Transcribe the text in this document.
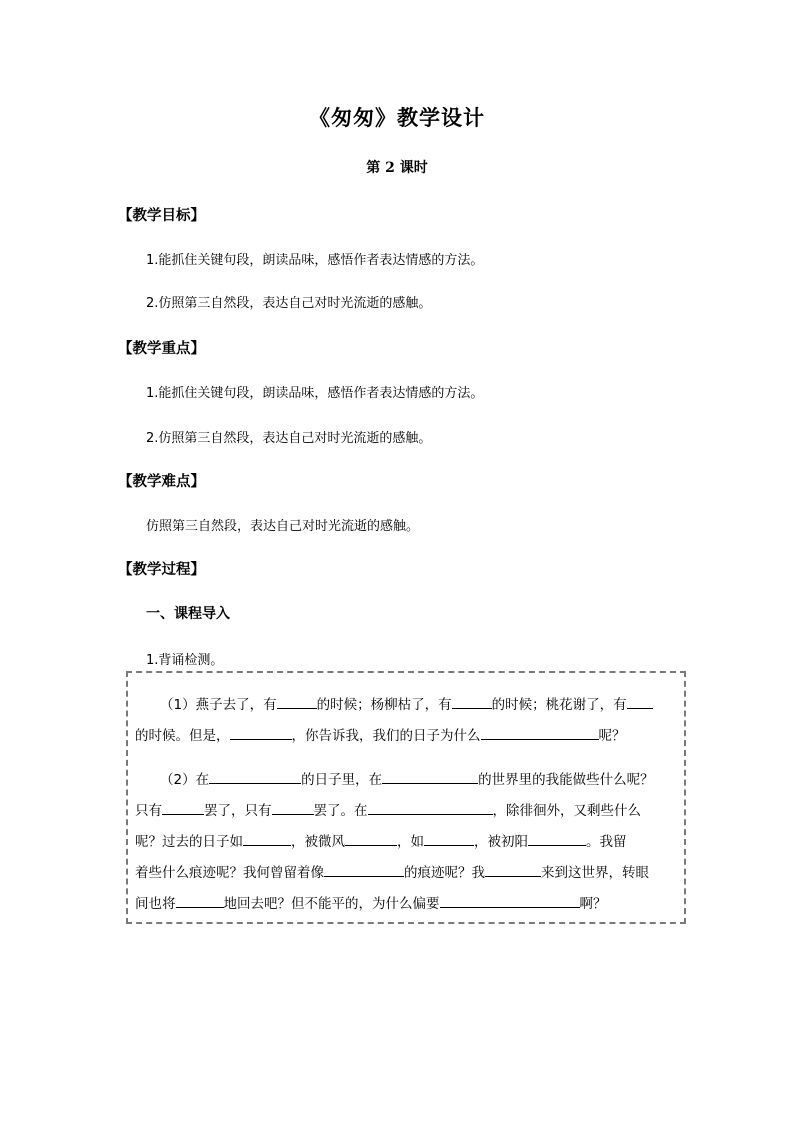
《匆匆》教学设计
第 2 课时
【教学目标】
1.能抓住关键句段，朗读品味，感悟作者表达情感的方法。
2.仿照第三自然段，表达自己对时光流逝的感触。
【教学重点】
1.能抓住关键句段，朗读品味，感悟作者表达情感的方法。
2.仿照第三自然段，表达自己对时光流逝的感触。
【教学难点】
仿照第三自然段，表达自己对时光流逝的感触。
【教学过程】
一、课程导入
1.背诵检测。
（1）燕子去了，有	的时候；杨柳枯了，有	的时候；桃花谢了，有
的时候。但是，	，你告诉我，我们的日子为什么	呢？
（2）在	的日子里，在	的世界里的我能做些什么呢？
只有	罢了，只有	罢了。在	，除徘徊外，又剩些什么
呢？过去的日子如	，被微风	，如	，被初阳	。我留
着些什么痕迹呢？我何曾留着像	的痕迹呢？我	来到这世界，转眼
间也将	地回去吧？但不能平的，为什么偏要	啊？
